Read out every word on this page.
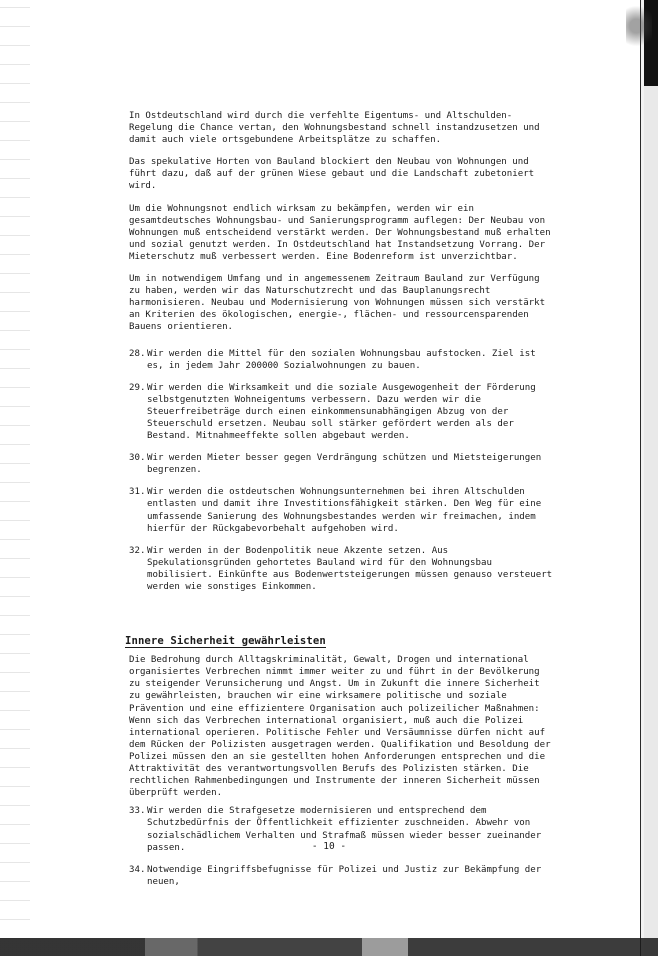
In Ostdeutschland wird durch die verfehlte Eigentums- und Altschulden-Regelung die Chance vertan, den Wohnungsbestand schnell instandzusetzen und damit auch viele ortsgebundene Arbeitsplätze zu schaffen.

Das spekulative Horten von Bauland blockiert den Neubau von Wohnungen und führt dazu, daß auf der grünen Wiese gebaut und die Landschaft zubetoniert wird.

Um die Wohnungsnot endlich wirksam zu bekämpfen, werden wir ein gesamtdeutsches Wohnungsbau- und Sanierungsprogramm auflegen: Der Neubau von Wohnungen muß entscheidend verstärkt werden. Der Wohnungsbestand muß erhalten und sozial genutzt werden. In Ostdeutschland hat Instandsetzung Vorrang. Der Mieterschutz muß verbessert werden. Eine Bodenreform ist unverzichtbar.

Um in notwendigem Umfang und in angemessenem Zeitraum Bauland zur Verfügung zu haben, werden wir das Naturschutzrecht und das Bauplanungsrecht harmonisieren. Neubau und Modernisierung von Wohnungen müssen sich verstärkt an Kriterien des ökologischen, energie-, flächen- und ressourcensparenden Bauens orientieren.

28. Wir werden die Mittel für den sozialen Wohnungsbau aufstocken. Ziel ist es, in jedem Jahr 200000 Sozialwohnungen zu bauen.
29. Wir werden die Wirksamkeit und die soziale Ausgewogenheit der Förderung selbstgenutzten Wohneigentums verbessern. Dazu werden wir die Steuerfreibeträge durch einen einkommensunabhängigen Abzug von der Steuerschuld ersetzen. Neubau soll stärker gefördert werden als der Bestand. Mitnahmeeffekte sollen abgebaut werden.
30. Wir werden Mieter besser gegen Verdrängung schützen und Mietsteigerungen begrenzen.
31. Wir werden die ostdeutschen Wohnungsunternehmen bei ihren Altschulden entlasten und damit ihre Investitionsfähigkeit stärken. Den Weg für eine umfassende Sanierung des Wohnungsbestandes werden wir freimachen, indem hierfür der Rückgabevorbehalt aufgehoben wird.
32. Wir werden in der Bodenpolitik neue Akzente setzen. Aus Spekulationsgründen gehortetes Bauland wird für den Wohnungsbau mobilisiert. Einkünfte aus Bodenwertsteigerungen müssen genauso versteuert werden wie sonstiges Einkommen.
Innere Sicherheit gewährleisten

Die Bedrohung durch Alltagskriminalität, Gewalt, Drogen und international organisiertes Verbrechen nimmt immer weiter zu und führt in der Bevölkerung zu steigender Verunsicherung und Angst. Um in Zukunft die innere Sicherheit zu gewährleisten, brauchen wir eine wirksamere politische und soziale Prävention und eine effizientere Organisation auch polizeilicher Maßnahmen: Wenn sich das Verbrechen international organisiert, muß auch die Polizei international operieren. Politische Fehler und Versäumnisse dürfen nicht auf dem Rücken der Polizisten ausgetragen werden. Qualifikation und Besoldung der Polizei müssen den an sie gestellten hohen Anforderungen entsprechen und die Attraktivität des verantwortungsvollen Berufs des Polizisten stärken. Die rechtlichen Rahmenbedingungen und Instrumente der inneren Sicherheit müssen überprüft werden.

33. Wir werden die Strafgesetze modernisieren und entsprechend dem Schutzbedürfnis der Öffentlichkeit effizienter zuschneiden. Abwehr von sozialschädlichem Verhalten und Strafmaß müssen wieder besser zueinander passen.
34. Notwendige Eingriffsbefugnisse für Polizei und Justiz zur Bekämpfung der neuen,
- 10 -
